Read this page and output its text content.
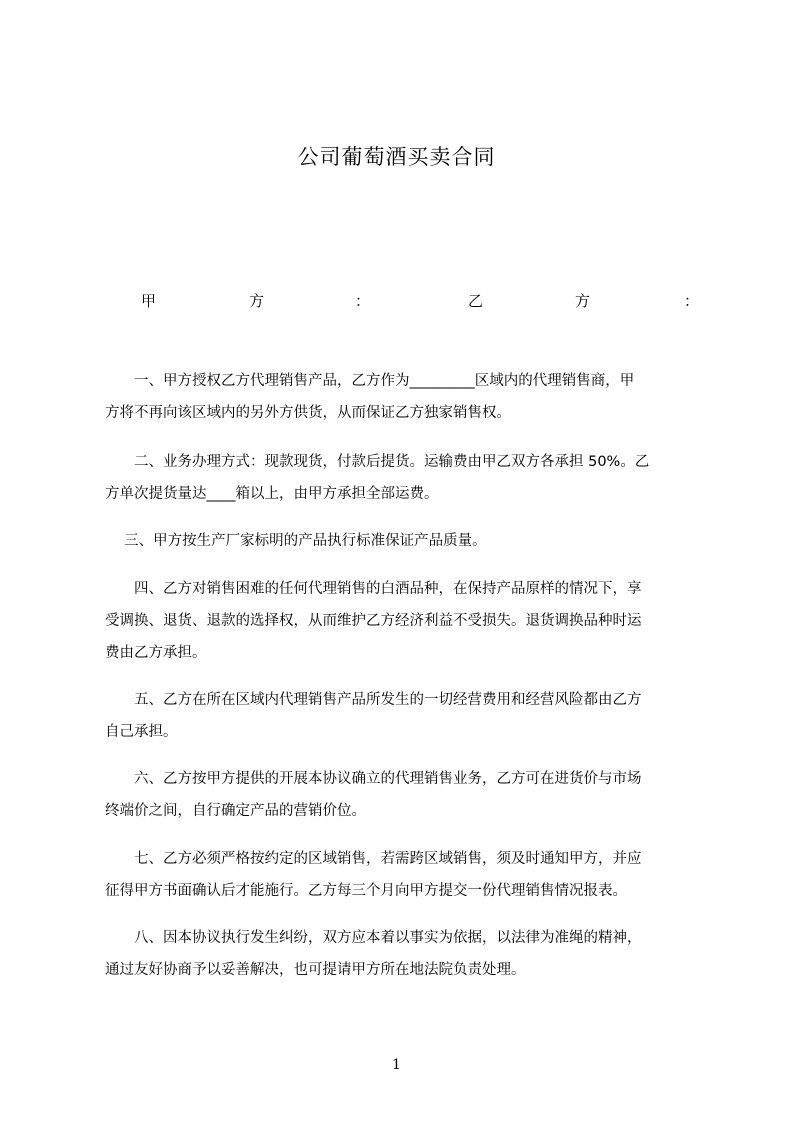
公司葡萄酒买卖合同
甲	方	：	乙	方	：
　　一、甲方授权乙方代理销售产品，乙方作为_________区域内的代理销售商，甲
方将不再向该区域内的另外方供货，从而保证乙方独家销售权。
　　二、业务办理方式：现款现货，付款后提货。运输费由甲乙双方各承担 50%。乙
方单次提货量达____箱以上，由甲方承担全部运费。
　 三、甲方按生产厂家标明的产品执行标准保证产品质量。
　　四、乙方对销售困难的任何代理销售的白酒品种，在保持产品原样的情况下，享
受调换、退货、退款的选择权，从而维护乙方经济利益不受损失。退货调换品种时运
费由乙方承担。
　　五、乙方在所在区域内代理销售产品所发生的一切经营费用和经营风险都由乙方
自己承担。
　　六、乙方按甲方提供的开展本协议确立的代理销售业务，乙方可在进货价与市场
终端价之间，自行确定产品的营销价位。
　　七、乙方必须严格按约定的区域销售，若需跨区域销售，须及时通知甲方，并应
征得甲方书面确认后才能施行。乙方每三个月向甲方提交一份代理销售情况报表。
　　八、因本协议执行发生纠纷，双方应本着以事实为依据，以法律为准绳的精神，
通过友好协商予以妥善解决，也可提请甲方所在地法院负责处理。
1
